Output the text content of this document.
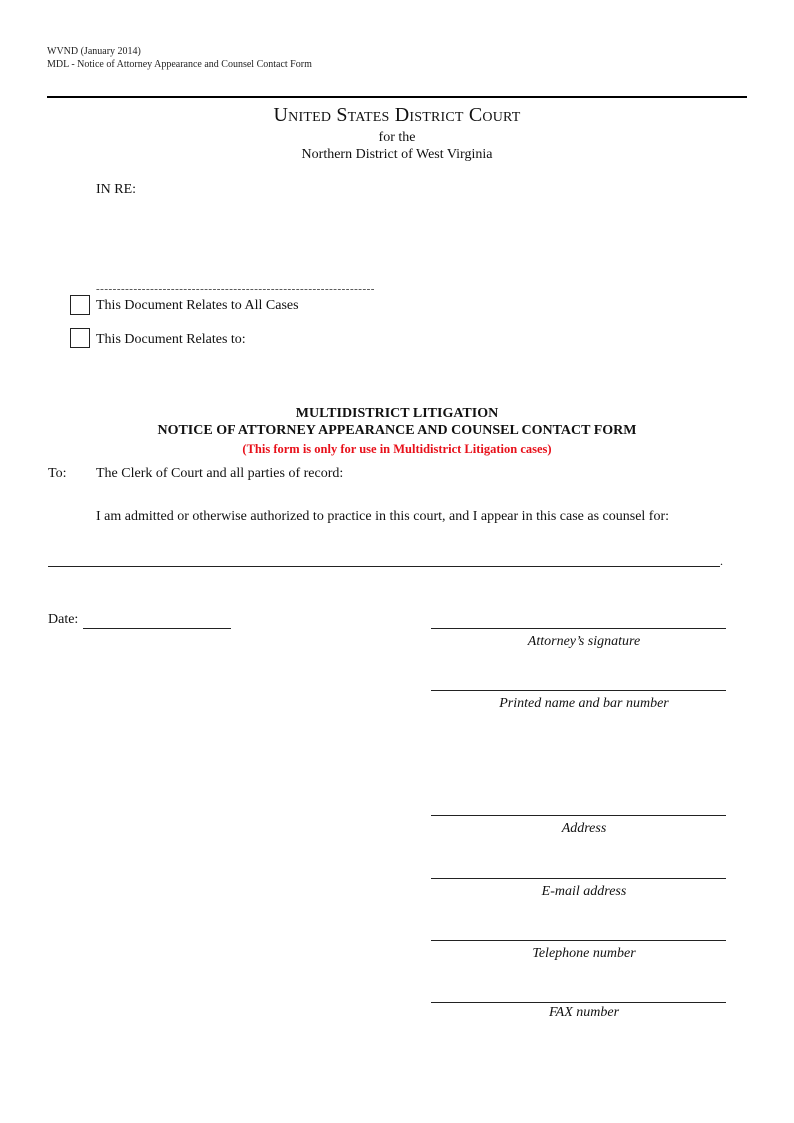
WVND (January 2014)
MDL - Notice of Attorney Appearance and Counsel Contact Form
United States District Court
for the
Northern District of West Virginia
IN RE:
-------------------------------------------------------------------
This Document Relates to All Cases
This Document Relates to:
MULTIDISTRICT LITIGATION
NOTICE OF ATTORNEY APPEARANCE AND COUNSEL CONTACT FORM
(This form is only for use in Multidistrict Litigation cases)
To: The Clerk of Court and all parties of record:
I am admitted or otherwise authorized to practice in this court, and I appear in this case as counsel for:
.
Date:
Attorney’s signature
Printed name and bar number
Address
E-mail address
Telephone number
FAX number
